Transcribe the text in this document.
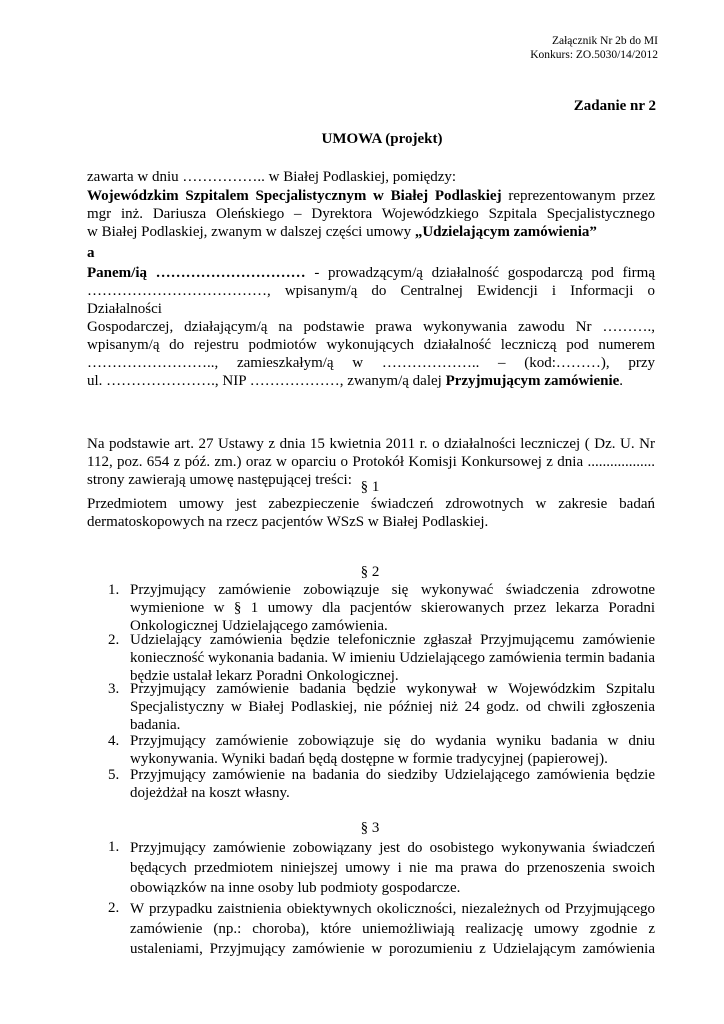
Załącznik Nr 2b do MI
Konkurs: ZO.5030/14/2012
Zadanie nr 2
UMOWA (projekt)
zawarta w dniu …………….. w Białej Podlaskiej, pomiędzy:
Wojewódzkim Szpitalem Specjalistycznym w Białej Podlaskiej reprezentowanym przez
mgr inż. Dariusza Oleńskiego – Dyrektora Wojewódzkiego Szpitala Specjalistycznego
w Białej Podlaskiej, zwanym w dalszej części umowy „Udzielającym zamówienia”
a
Panem/ią ………………………… - prowadzącym/ą działalność gospodarczą pod firmą
………………………………, wpisanym/ą do Centralnej Ewidencji i Informacji o Działalności
Gospodarczej, działającym/ą na podstawie prawa wykonywania zawodu Nr ……….,
wpisanym/ą do rejestru podmiotów wykonujących działalność leczniczą pod numerem
…………………….., zamieszkałym/ą w ……………….. – (kod:………), przy
ul. …………………., NIP ………………, zwanym/ą dalej Przyjmującym zamówienie.
Na podstawie art. 27 Ustawy z dnia 15 kwietnia 2011 r. o działalności leczniczej ( Dz. U. Nr
112, poz. 654 z póź. zm.) oraz w oparciu o Protokół Komisji Konkursowej z dnia ..................
strony zawierają umowę następującej treści: § 1
Przedmiotem umowy jest zabezpieczenie świadczeń zdrowotnych w zakresie badań
dermatoskopowych na rzecz pacjentów WSzS w Białej Podlaskiej.
§ 2
1. Przyjmujący zamówienie zobowiązuje się wykonywać świadczenia zdrowotne
wymienione w § 1 umowy dla pacjentów skierowanych przez lekarza Poradni
Onkologicznej Udzielającego zamówienia.
2. Udzielający zamówienia będzie telefonicznie zgłaszał Przyjmującemu zamówienie
konieczność wykonania badania. W imieniu Udzielającego zamówienia termin badania
będzie ustalał lekarz Poradni Onkologicznej.
3. Przyjmujący zamówienie badania będzie wykonywał w Wojewódzkim Szpitalu
Specjalistyczny w Białej Podlaskiej, nie później niż 24 godz. od chwili zgłoszenia
badania.
4. Przyjmujący zamówienie zobowiązuje się do wydania wyniku badania w dniu
wykonywania. Wyniki badań będą dostępne w formie tradycyjnej (papierowej).
5. Przyjmujący zamówienie na badania do siedziby Udzielającego zamówienia będzie
dojeżdżał na koszt własny.
§ 3
1. Przyjmujący zamówienie zobowiązany jest do osobistego wykonywania świadczeń
będących przedmiotem niniejszej umowy i nie ma prawa do przenoszenia swoich
obowiązków na inne osoby lub podmioty gospodarcze.
2. W przypadku zaistnienia obiektywnych okoliczności, niezależnych od Przyjmującego
zamówienie (np.: choroba), które uniemożliwiają realizację umowy zgodnie z
ustaleniami, Przyjmujący zamówienie w porozumieniu z Udzielającym zamówienia
